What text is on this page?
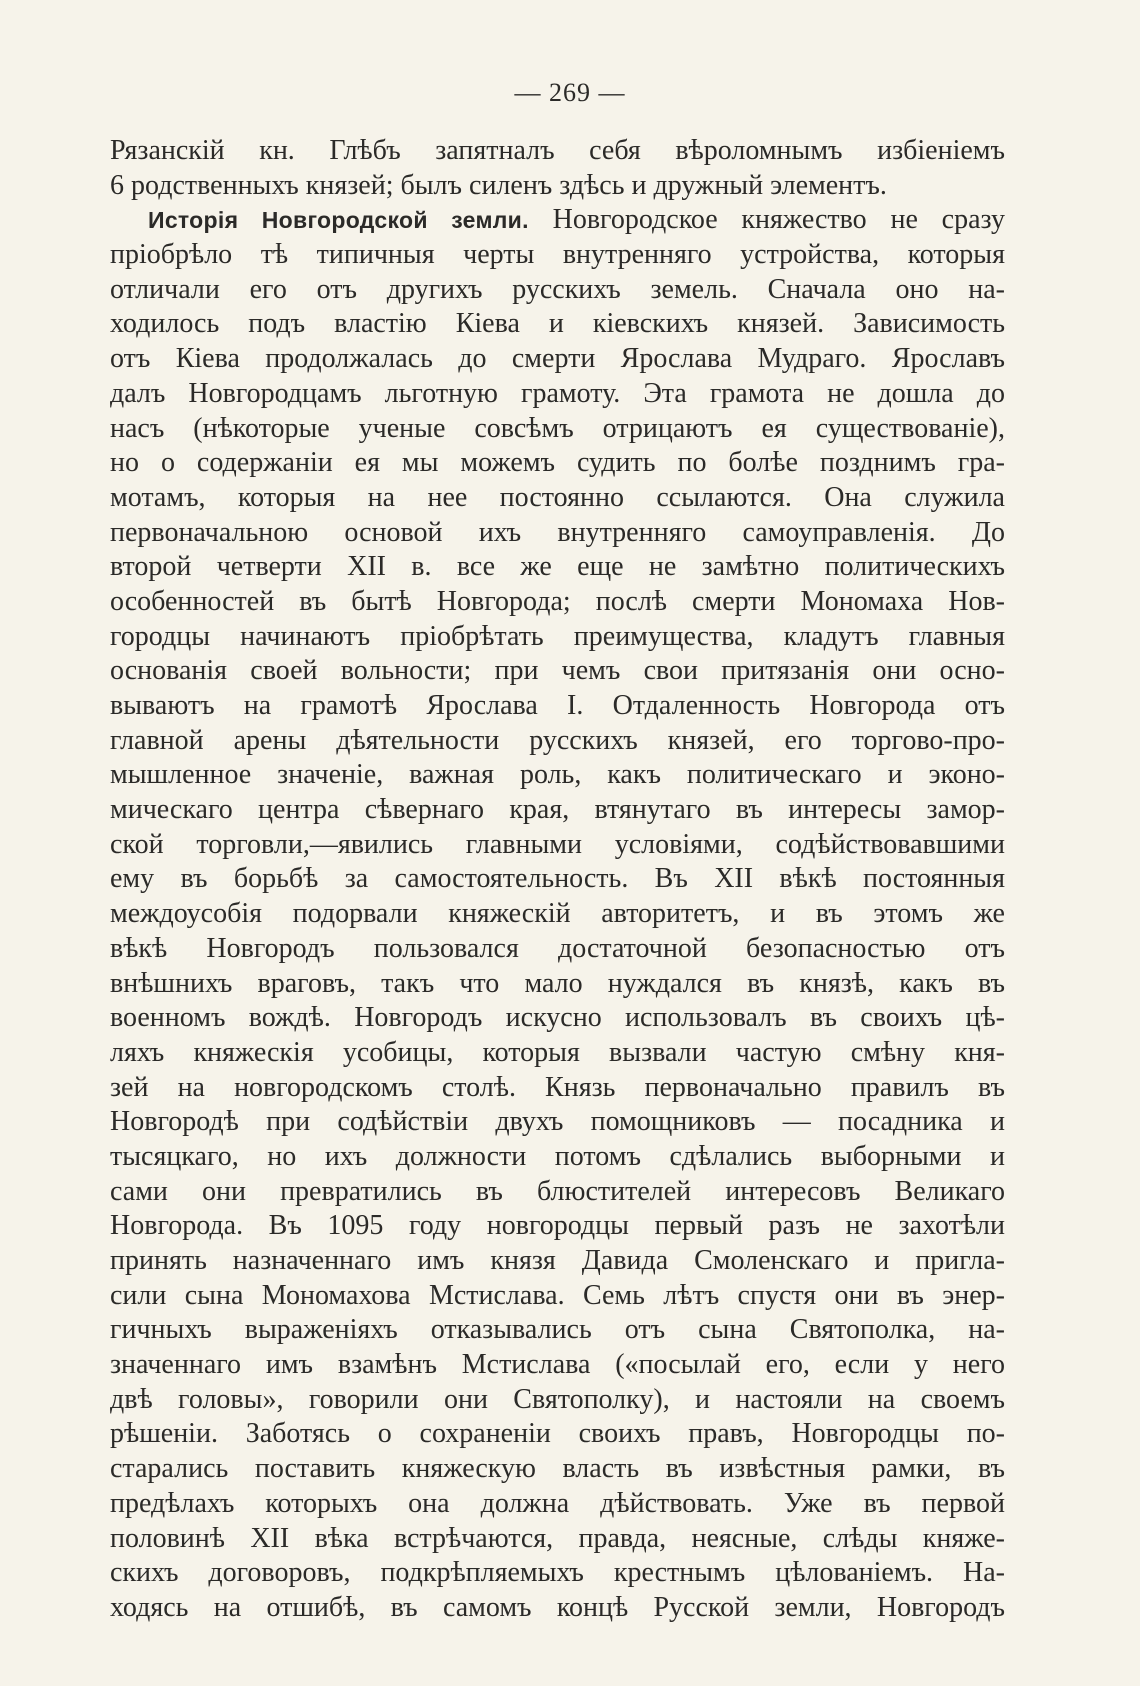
— 269 —
Рязанскій кн. Глѣбъ запятналъ себя вѣроломнымъ избіеніемъ
6 родственныхъ князей; былъ силенъ здѣсь и дружный элементъ.
Исторія Новгородской земли. Новгородское княжество не сразу
пріобрѣло тѣ типичныя черты внутренняго устройства, которыя
отличали его отъ другихъ русскихъ земель. Сначала оно на-
ходилось подъ властію Кіева и кіевскихъ князей. Зависимость
отъ Кіева продолжалась до смерти Ярослава Мудраго. Ярославъ
далъ Новгородцамъ льготную грамоту. Эта грамота не дошла до
насъ (нѣкоторые ученые совсѣмъ отрицаютъ ея существованіе),
но о содержаніи ея мы можемъ судить по болѣе позднимъ гра-
мотамъ, которыя на нее постоянно ссылаются. Она служила
первоначальною основой ихъ внутренняго самоуправленія. До
второй четверти XII в. все же еще не замѣтно политическихъ
особенностей въ бытѣ Новгорода; послѣ смерти Мономаха Нов-
городцы начинаютъ пріобрѣтать преимущества, кладутъ главныя
основанія своей вольности; при чемъ свои притязанія они осно-
вываютъ на грамотѣ Ярослава I. Отдаленность Новгорода отъ
главной арены дѣятельности русскихъ князей, его торгово-про-
мышленное значеніе, важная роль, какъ политическаго и эконо-
мическаго центра сѣвернаго края, втянутаго въ интересы замор-
ской торговли,—явились главными условіями, содѣйствовавшими
ему въ борьбѣ за самостоятельность. Въ XII вѣкѣ постоянныя
междоусобія подорвали княжескій авторитетъ, и въ этомъ же
вѣкѣ Новгородъ пользовался достаточной безопасностью отъ
внѣшнихъ враговъ, такъ что мало нуждался въ князѣ, какъ въ
военномъ вождѣ. Новгородъ искусно использовалъ въ своихъ цѣ-
ляхъ княжескія усобицы, которыя вызвали частую смѣну кня-
зей на новгородскомъ столѣ. Князь первоначально правилъ въ
Новгородѣ при содѣйствіи двухъ помощниковъ — посадника и
тысяцкаго, но ихъ должности потомъ сдѣлались выборными и
сами они превратились въ блюстителей интересовъ Великаго
Новгорода. Въ 1095 году новгородцы первый разъ не захотѣли
принять назначеннаго имъ князя Давида Смоленскаго и пригла-
сили сына Мономахова Мстислава. Семь лѣтъ спустя они въ энер-
гичныхъ выраженіяхъ отказывались отъ сына Святополка, на-
значеннаго имъ взамѣнъ Мстислава («посылай его, если у него
двѣ головы», говорили они Святополку), и настояли на своемъ
рѣшеніи. Заботясь о сохраненіи своихъ правъ, Новгородцы по-
старались поставить княжескую власть въ извѣстныя рамки, въ
предѣлахъ которыхъ она должна дѣйствовать. Уже въ первой
половинѣ XII вѣка встрѣчаются, правда, неясные, слѣды княже-
скихъ договоровъ, подкрѣпляемыхъ крестнымъ цѣлованіемъ. На-
ходясь на отшибѣ, въ самомъ концѣ Русской земли, Новгородъ
